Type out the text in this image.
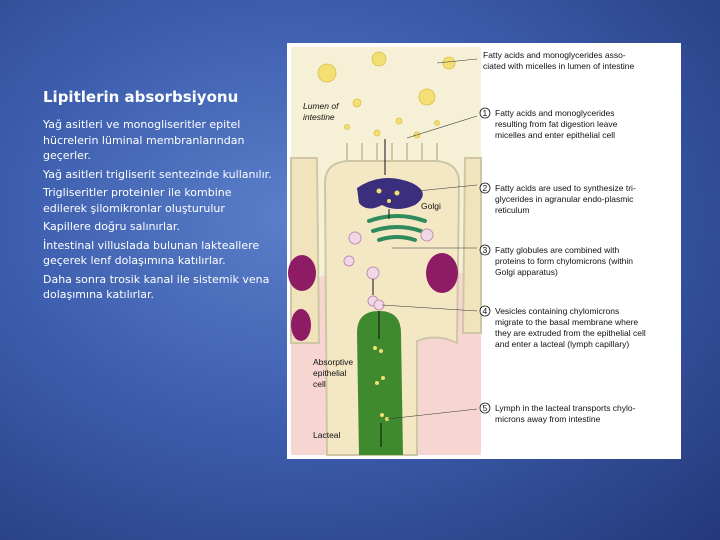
Lipitlerin absorbsiyonu

Yağ asitleri ve monogliseritler epitel hücrelerin lüminal membranlarından geçerler.

Yağ asitleri trigliserit sentezinde kullanılır.

Trigliseritler proteinler ile kombine edilerek şilomikronlar oluşturulur

Kapillere doğru salınırlar.

İntestinal villuslada bulunan lakteallere geçerek lenf dolaşımına katılırlar.

Daha sonra trosik kanal ile sistemik vena dolaşımına katılırlar.

Lumen of
intestine
Golgi
Absorptive
epithelial
cell
Lacteal
Fatty acids and monoglycerides asso-
ciated with micelles in lumen of intestine
1 Fatty acids and monoglycerides
resulting from fat digestion leave
micelles and enter epithelial cell
2 Fatty acids are used to synthesize tri-
glycerides in agranular endo-plasmic
reticulum
3 Fatty globules are combined with
proteins to form chylomicrons (within
Golgi apparatus)
4 Vesicles containing chylomicrons
migrate to the basal membrane where
they are extruded from the epithelial cell
and enter a lacteal (lymph capillary)
5 Lymph in the lacteal transports chylo-
microns away from intestine
